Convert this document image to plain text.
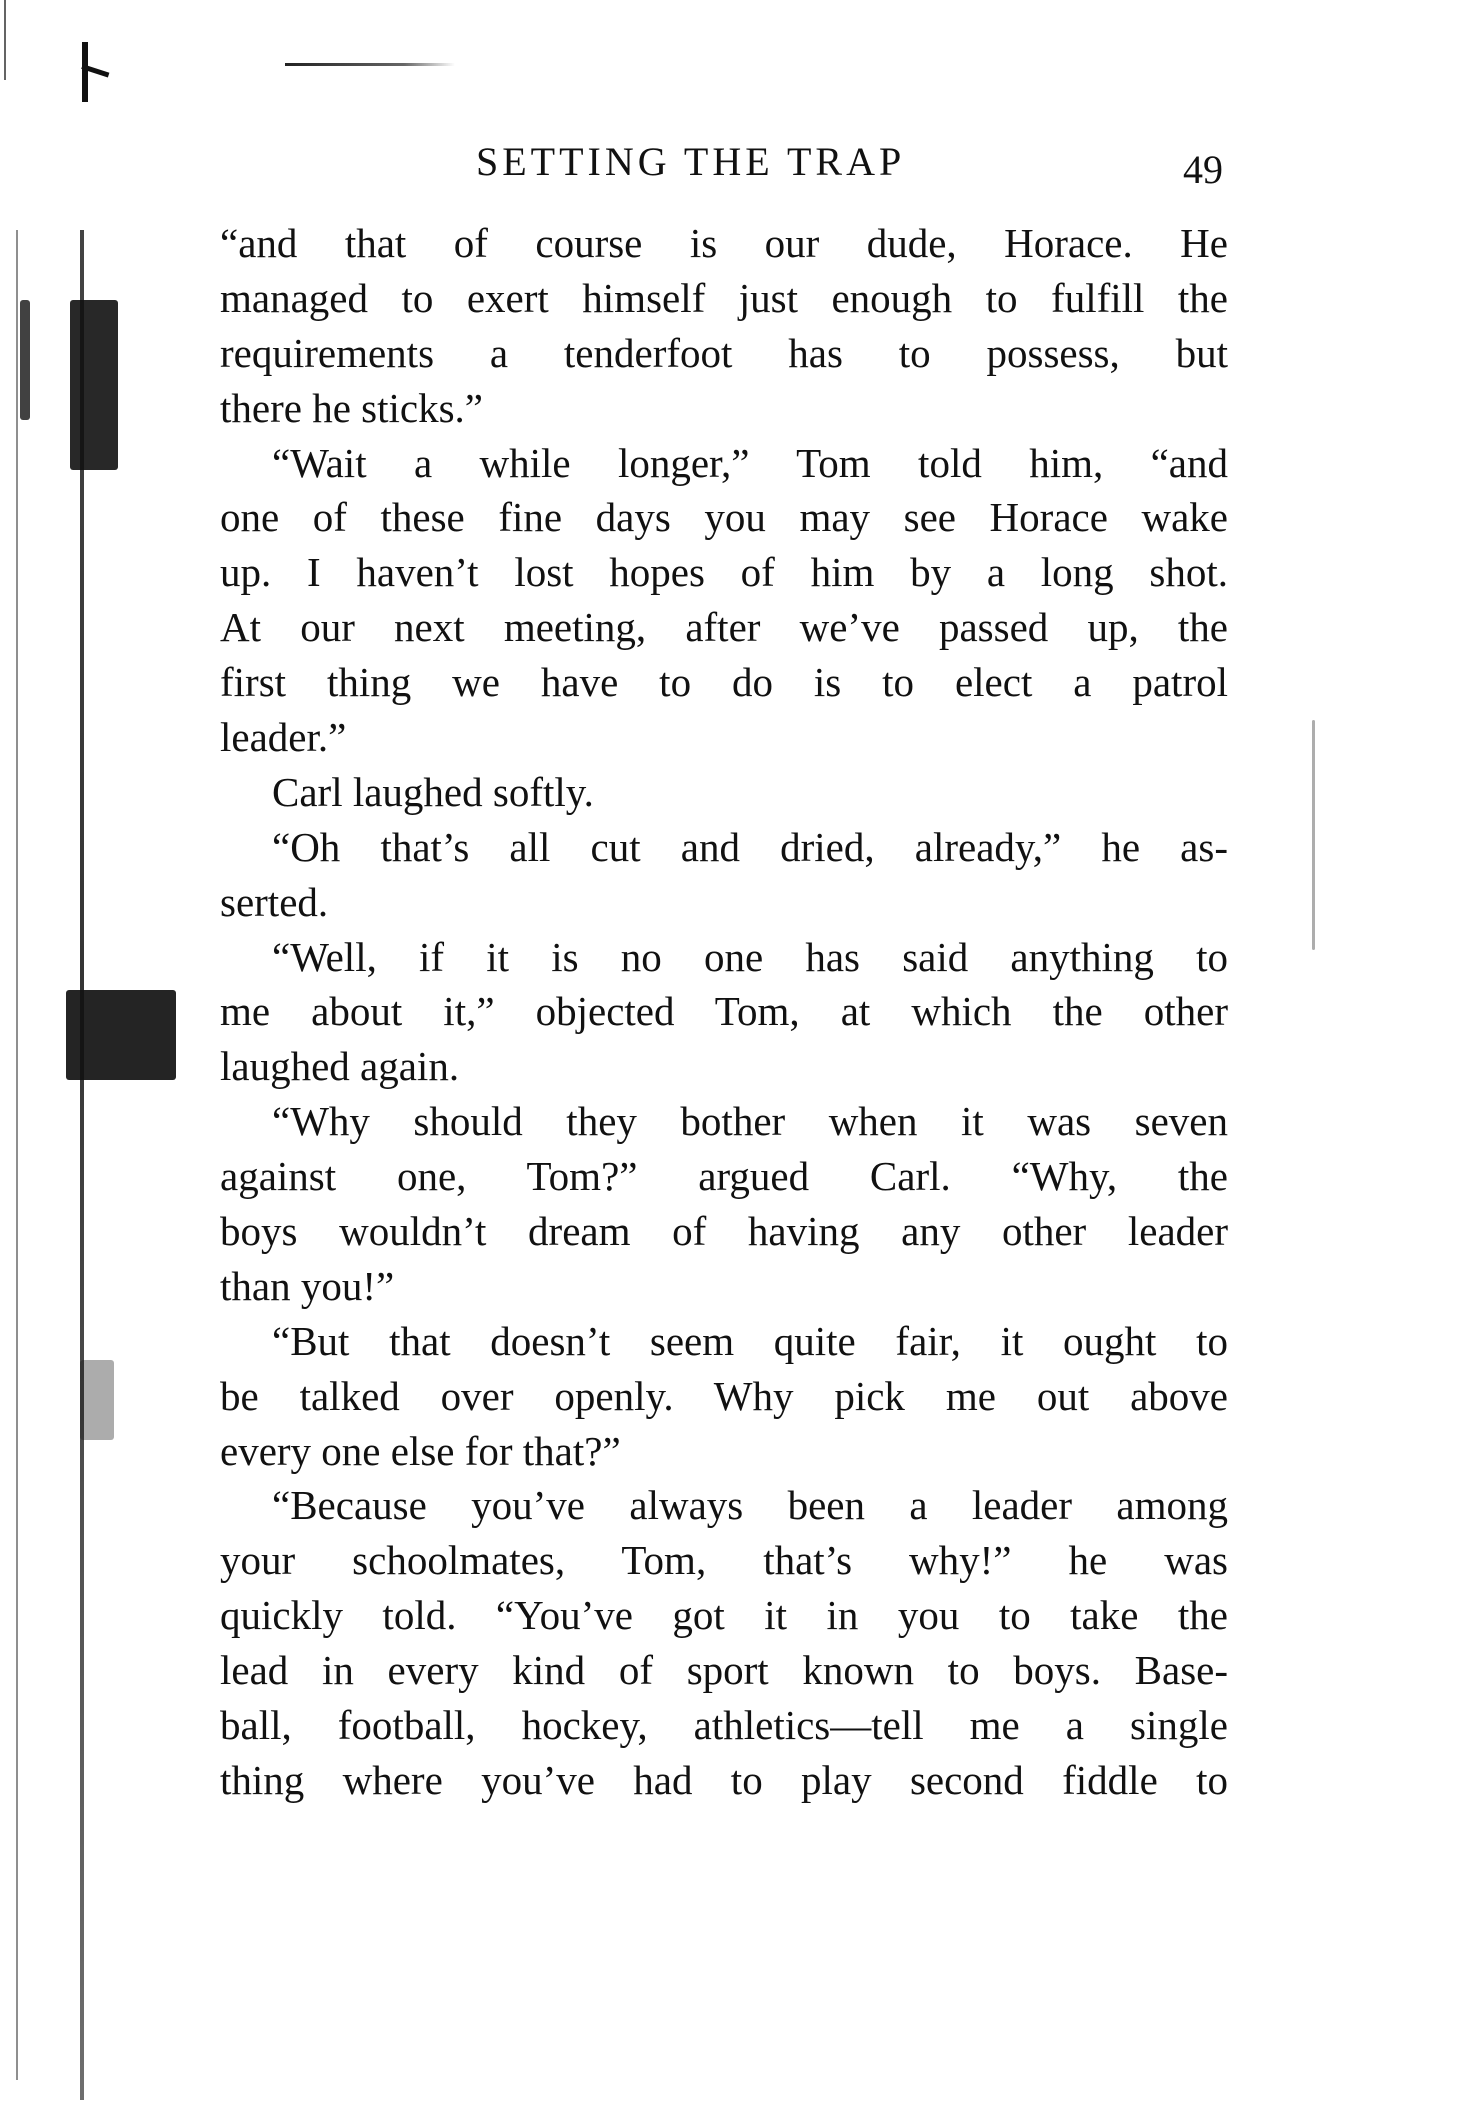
SETTING THE TRAP	49
“and that of course is our dude, Horace. He
managed to exert himself just enough to fulfill the
requirements a tenderfoot has to possess, but
there he sticks.”
“Wait a while longer,” Tom told him, “and
one of these fine days you may see Horace wake
up. I haven’t lost hopes of him by a long shot.
At our next meeting, after we’ve passed up, the
first thing we have to do is to elect a patrol
leader.”
Carl laughed softly.
“Oh that’s all cut and dried, already,” he as-
serted.
“Well, if it is no one has said anything to
me about it,” objected Tom, at which the other
laughed again.
“Why should they bother when it was seven
against one, Tom?” argued Carl. “Why, the
boys wouldn’t dream of having any other leader
than you!”
“But that doesn’t seem quite fair, it ought to
be talked over openly. Why pick me out above
every one else for that?”
“Because you’ve always been a leader among
your schoolmates, Tom, that’s why!” he was
quickly told. “You’ve got it in you to take the
lead in every kind of sport known to boys. Base-
ball, football, hockey, athletics—tell me a single
thing where you’ve had to play second fiddle to
